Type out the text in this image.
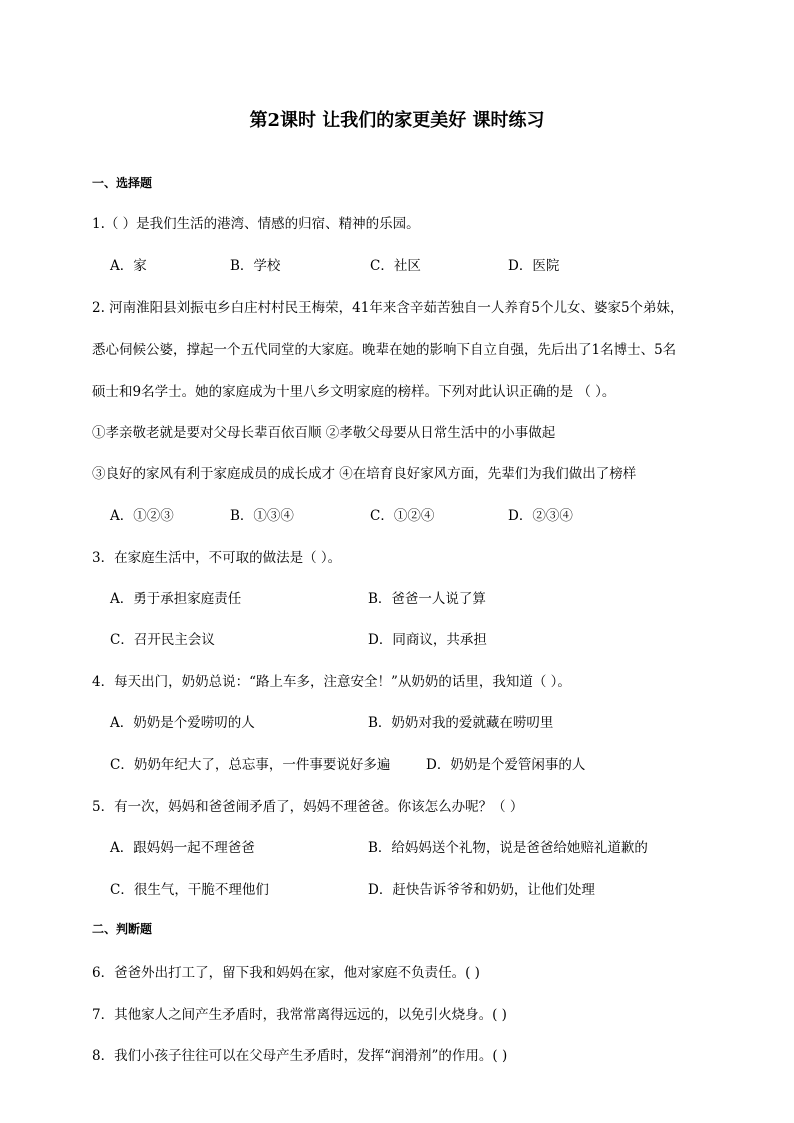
第2课时 让我们的家更美好 课时练习
一、选择题
1.（ ）是我们生活的港湾、情感的归宿、精神的乐园。
A．家	B．学校	C．社区	D．医院
2. 河南淮阳县刘振屯乡白庄村村民王梅荣，41年来含辛茹苦独自一人养育5个儿女、婆家5个弟妹，
悉心伺候公婆，撑起一个五代同堂的大家庭。晚辈在她的影响下自立自强，先后出了1名博士、5名
硕士和9名学士。她的家庭成为十里八乡文明家庭的榜样。下列对此认识正确的是 （ ）。
①孝亲敬老就是要对父母长辈百依百顺 ②孝敬父母要从日常生活中的小事做起
③良好的家风有利于家庭成员的成长成才 ④在培育良好家风方面，先辈们为我们做出了榜样
A．①②③	B．①③④	C．①②④	D．②③④
3．在家庭生活中，不可取的做法是（ ）。
A．勇于承担家庭责任	B．爸爸一人说了算
C．召开民主会议	D．同商议，共承担
4．每天出门，奶奶总说：“路上车多，注意安全！”从奶奶的话里，我知道（ ）。
A．奶奶是个爱唠叨的人	B．奶奶对我的爱就藏在唠叨里
C．奶奶年纪大了，总忘事，一件事要说好多遍	D．奶奶是个爱管闲事的人
5．有一次，妈妈和爸爸闹矛盾了，妈妈不理爸爸。你该怎么办呢？（ ）
A．跟妈妈一起不理爸爸	B．给妈妈送个礼物，说是爸爸给她赔礼道歉的
C．很生气，干脆不理他们	D．赶快告诉爷爷和奶奶，让他们处理
二、判断题
6．爸爸外出打工了，留下我和妈妈在家，他对家庭不负责任。( )
7．其他家人之间产生矛盾时，我常常离得远远的，以免引火烧身。( )
8．我们小孩子往往可以在父母产生矛盾时，发挥“润滑剂”的作用。( )
